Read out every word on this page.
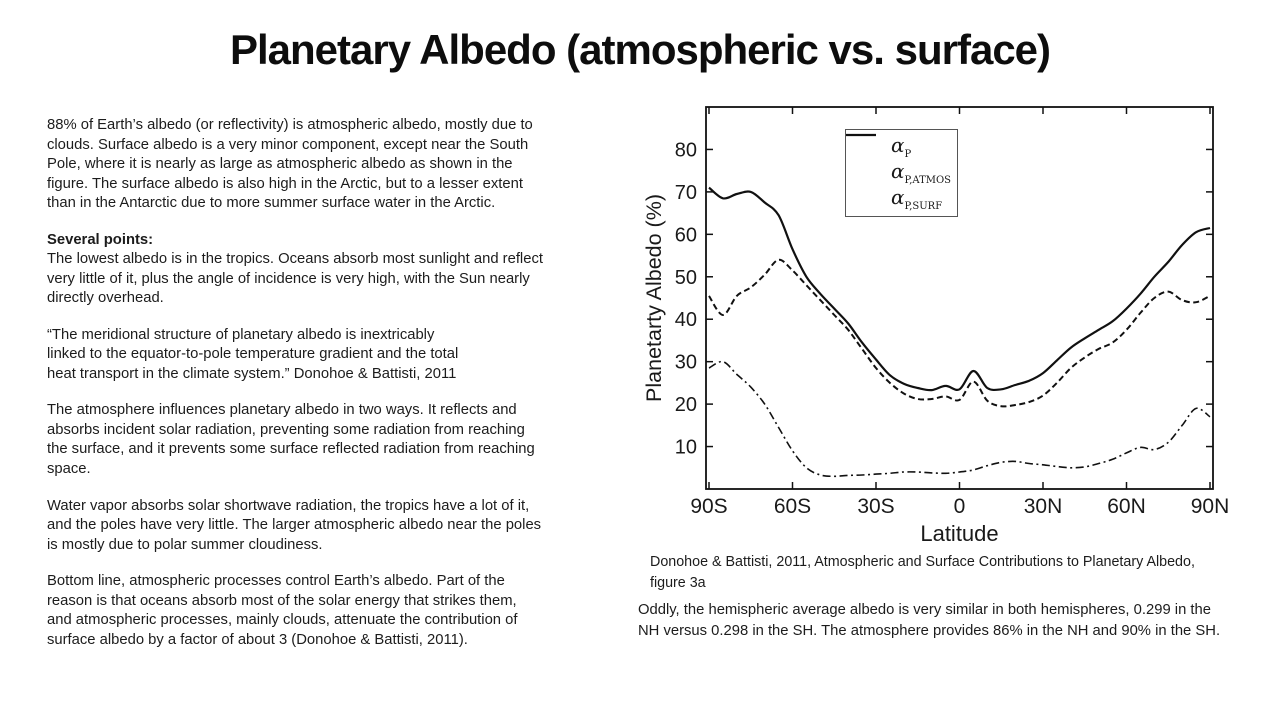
Planetary Albedo (atmospheric vs. surface)
88% of Earth’s albedo (or reflectivity) is atmospheric albedo, mostly due to clouds. Surface albedo is a very minor component, except near the South Pole, where it is nearly as large as atmospheric albedo as shown in the figure. The surface albedo is also high in the Arctic, but to a lesser extent than in the Antarctic due to more summer surface water in the Arctic.
Several points:
The lowest albedo is in the tropics. Oceans absorb most sunlight and reflect very little of it, plus the angle of incidence is very high, with the Sun nearly directly overhead.
“The meridional structure of planetary albedo is inextricably linked to the equator-to-pole temperature gradient and the total heat transport in the climate system.” Donohoe & Battisti, 2011
The atmosphere influences planetary albedo in two ways. It reflects and absorbs incident solar radiation, preventing some radiation from reaching the surface, and it prevents some surface reflected radiation from reaching space.
Water vapor absorbs solar shortwave radiation, the tropics have a lot of it, and the poles have very little. The larger atmospheric albedo near the poles is mostly due to polar summer cloudiness.
Bottom line, atmospheric processes control Earth’s albedo. Part of the reason is that oceans absorb most of the solar energy that strikes them, and atmospheric processes, mainly clouds, attenuate the contribution of surface albedo by a factor of about 3 (Donohoe & Battisti, 2011).
10
20
30
40
50
60
70
80
90S 60S 30S	0	30N 60N 90N
Planetarty Albedo (%)
Latitude
$\alpha_P$
$\alpha_{P,ATMOS}$
$\alpha_{P,SURF}$
Donohoe & Battisti, 2011, Atmospheric and Surface Contributions to Planetary Albedo, figure 3a
Oddly, the hemispheric average albedo is very similar in both hemispheres, 0.299 in the NH versus 0.298 in the SH. The atmosphere provides 86% in the NH and 90% in the SH.
